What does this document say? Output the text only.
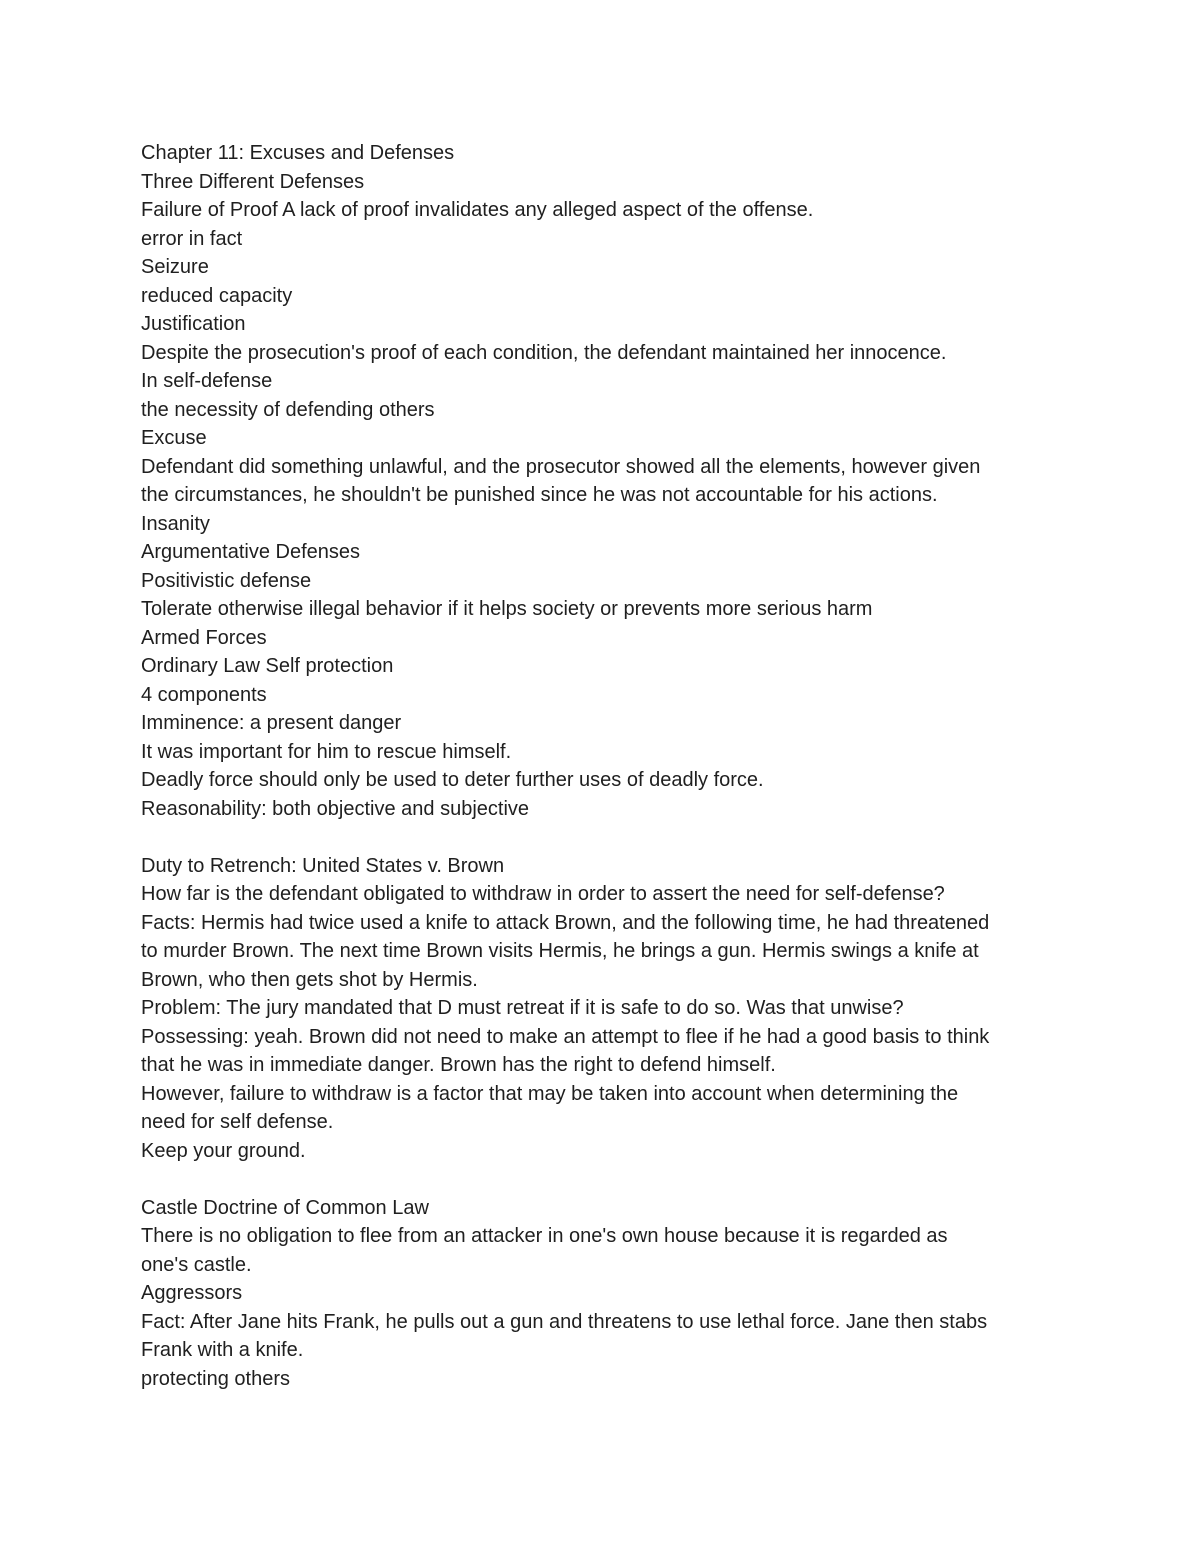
Chapter 11: Excuses and Defenses
Three Different Defenses
Failure of Proof A lack of proof invalidates any alleged aspect of the offense.
error in fact
Seizure
reduced capacity
Justification
Despite the prosecution's proof of each condition, the defendant maintained her innocence.
In self-defense
the necessity of defending others
Excuse
Defendant did something unlawful, and the prosecutor showed all the elements, however given
the circumstances, he shouldn't be punished since he was not accountable for his actions.
Insanity
Argumentative Defenses
Positivistic defense
Tolerate otherwise illegal behavior if it helps society or prevents more serious harm
Armed Forces
Ordinary Law Self protection
4 components
Imminence: a present danger
It was important for him to rescue himself.
Deadly force should only be used to deter further uses of deadly force.
Reasonability: both objective and subjective
Duty to Retrench: United States v. Brown
How far is the defendant obligated to withdraw in order to assert the need for self-defense?
Facts: Hermis had twice used a knife to attack Brown, and the following time, he had threatened
to murder Brown. The next time Brown visits Hermis, he brings a gun. Hermis swings a knife at
Brown, who then gets shot by Hermis.
Problem: The jury mandated that D must retreat if it is safe to do so. Was that unwise?
Possessing: yeah. Brown did not need to make an attempt to flee if he had a good basis to think
that he was in immediate danger. Brown has the right to defend himself.
However, failure to withdraw is a factor that may be taken into account when determining the
need for self defense.
Keep your ground.
Castle Doctrine of Common Law
There is no obligation to flee from an attacker in one's own house because it is regarded as
one's castle.
Aggressors
Fact: After Jane hits Frank, he pulls out a gun and threatens to use lethal force. Jane then stabs
Frank with a knife.
protecting others
